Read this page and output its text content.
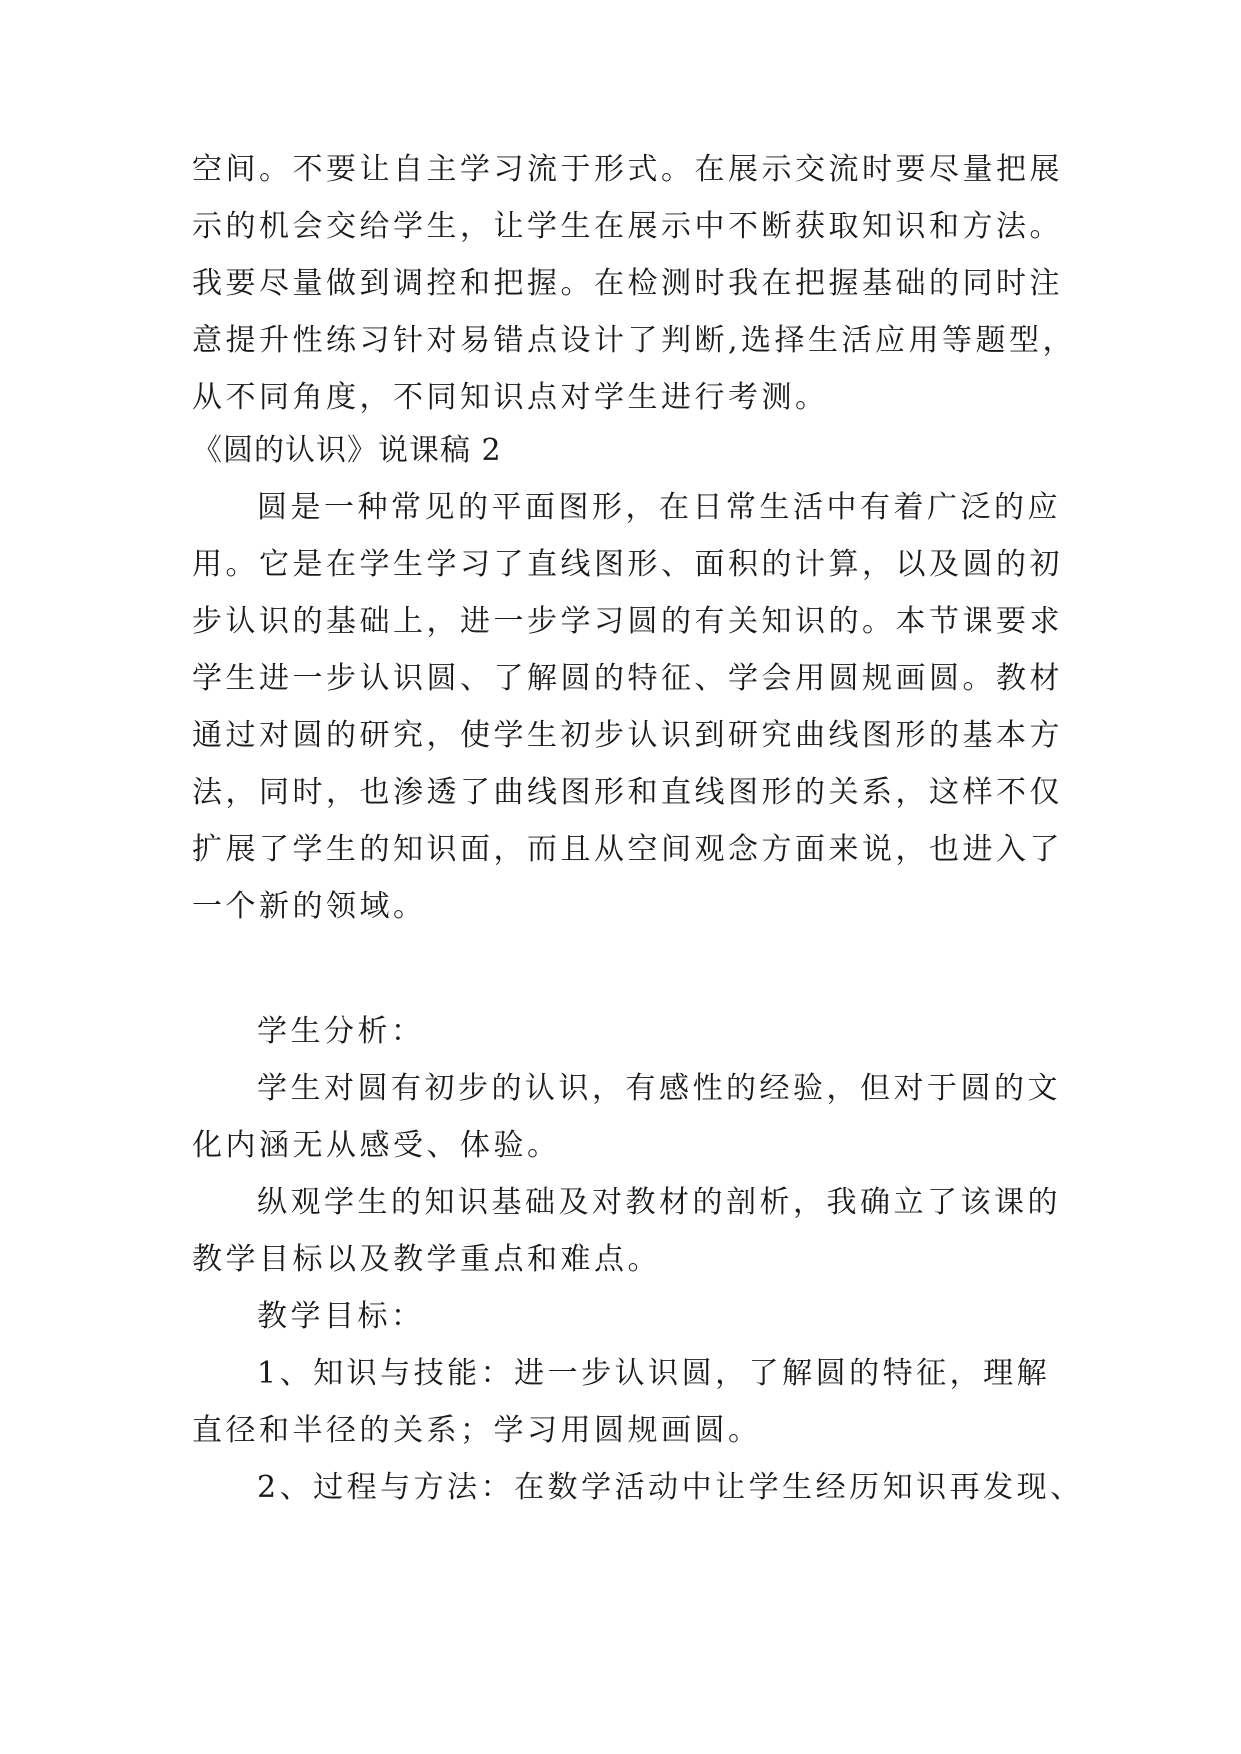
空间。不要让自主学习流于形式。在展示交流时要尽量把展
示的机会交给学生，让学生在展示中不断获取知识和方法。
我要尽量做到调控和把握。在检测时我在把握基础的同时注
意提升性练习针对易错点设计了判断,选择生活应用等题型，
从不同角度，不同知识点对学生进行考测。
《圆的认识》说课稿 2
圆是一种常见的平面图形，在日常生活中有着广泛的应
用。它是在学生学习了直线图形、面积的计算，以及圆的初
步认识的基础上，进一步学习圆的有关知识的。本节课要求
学生进一步认识圆、了解圆的特征、学会用圆规画圆。教材
通过对圆的研究，使学生初步认识到研究曲线图形的基本方
法，同时，也渗透了曲线图形和直线图形的关系，这样不仅
扩展了学生的知识面，而且从空间观念方面来说，也进入了
一个新的领域。
学生分析：
学生对圆有初步的认识，有感性的经验，但对于圆的文
化内涵无从感受、体验。
纵观学生的知识基础及对教材的剖析，我确立了该课的
教学目标以及教学重点和难点。
教学目标：
1、知识与技能：进一步认识圆，了解圆的特征，理解
直径和半径的关系；学习用圆规画圆。
2、过程与方法：在数学活动中让学生经历知识再发现、
